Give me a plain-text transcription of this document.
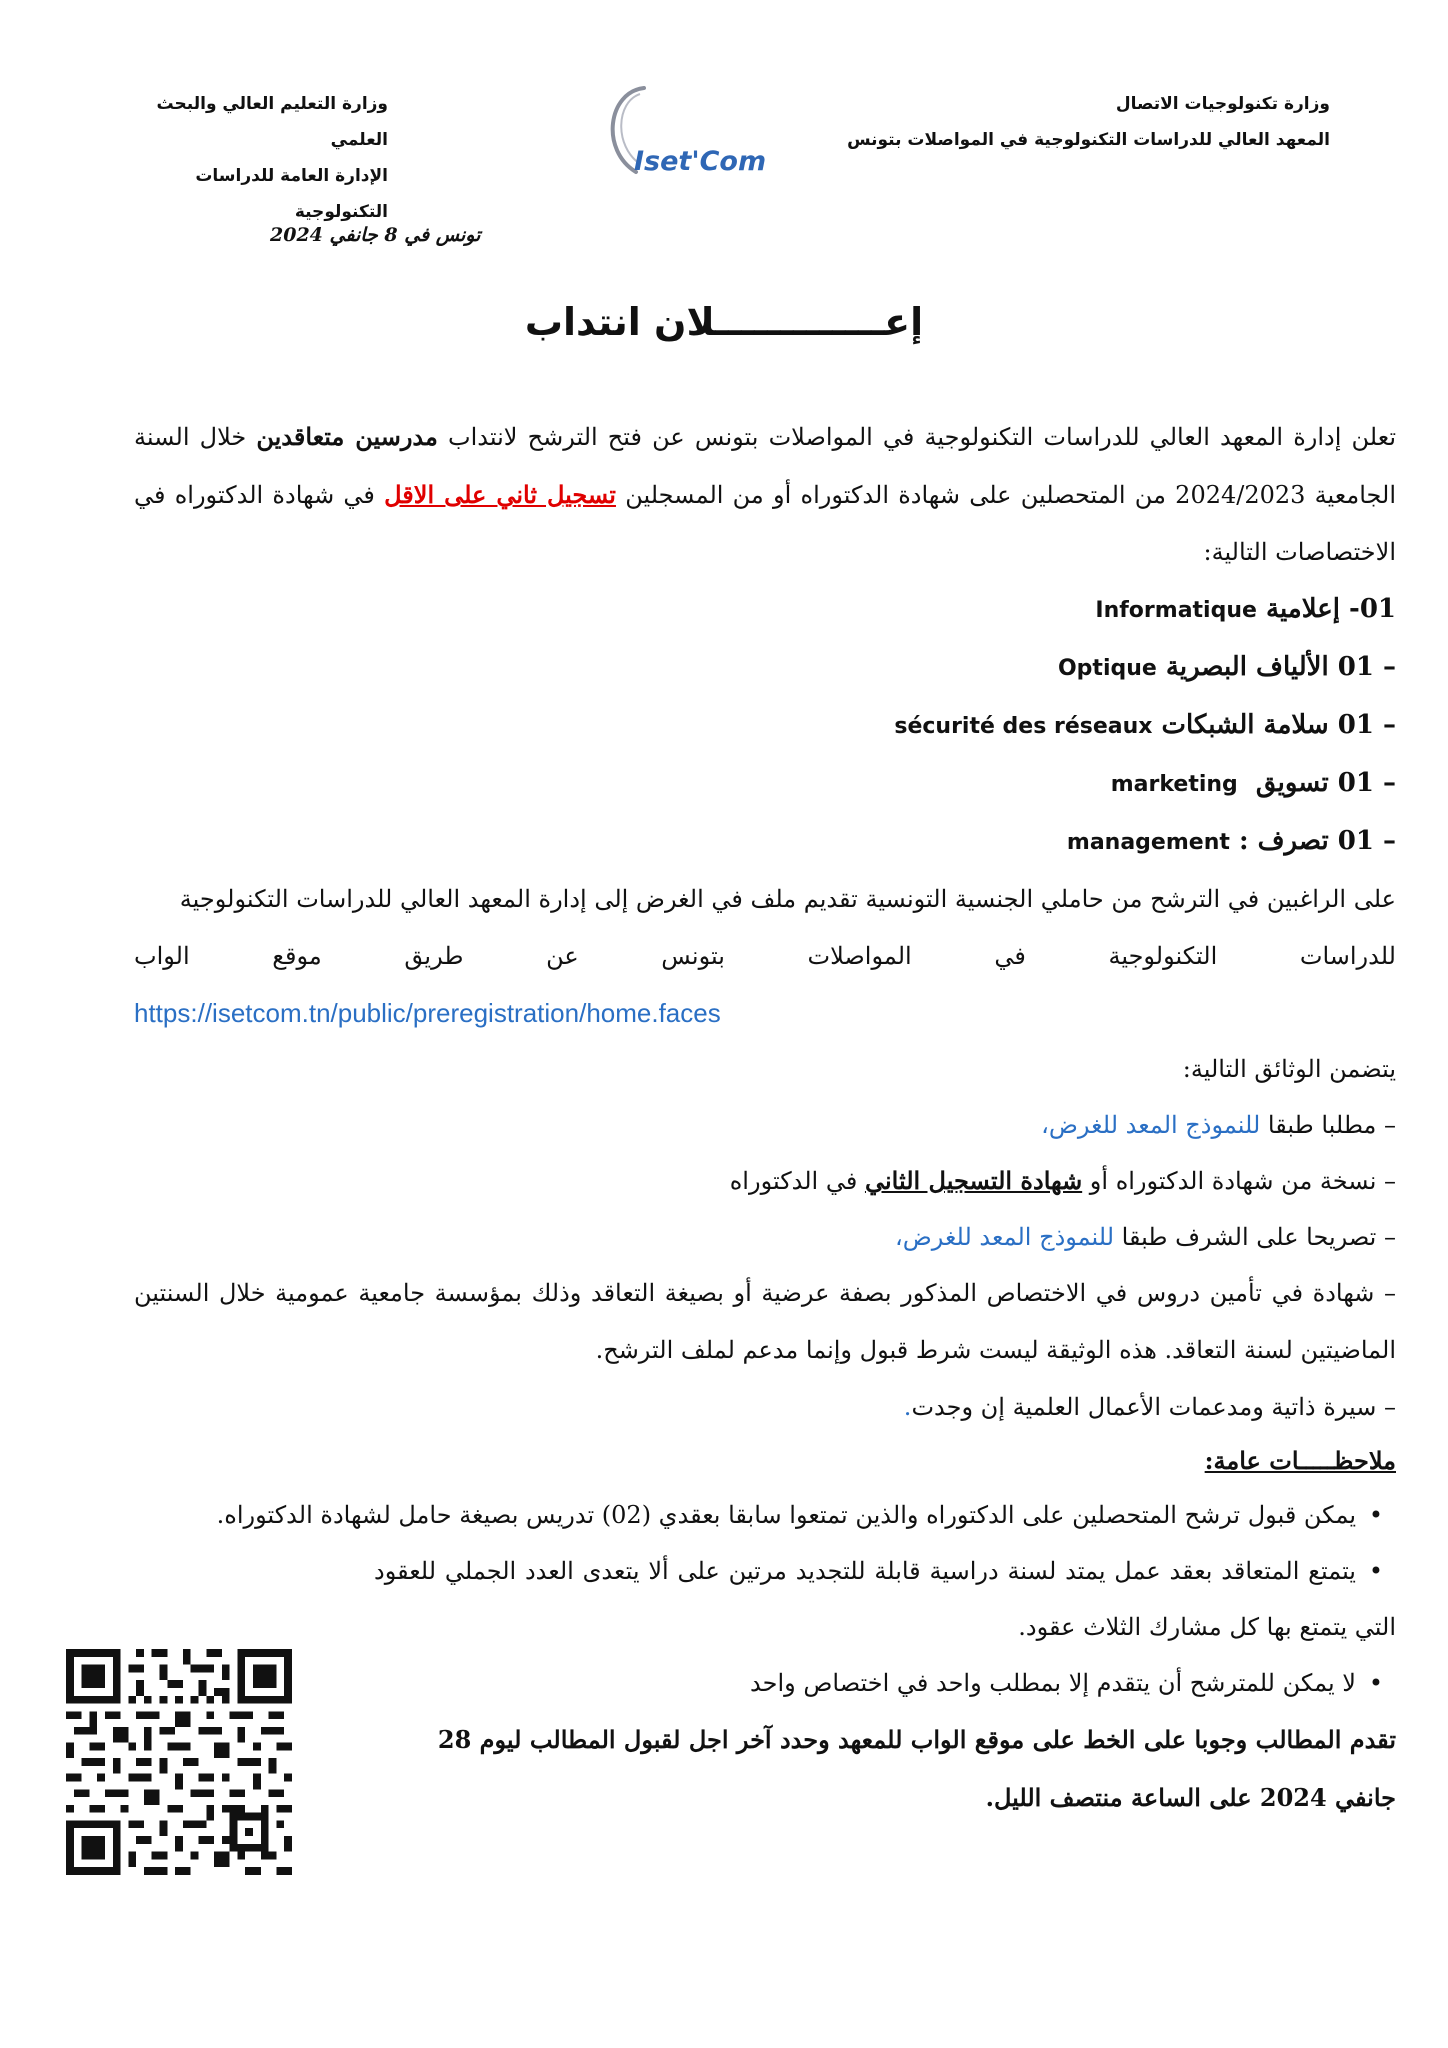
وزارة تكنولوجيات الاتصال
المعهد العالي للدراسات التكنولوجية في المواصلات بتونس
Iset'Com
وزارة التعليم العالي والبحث العلمي
الإدارة العامة للدراسات التكنولوجية
تونس في 8 جانفي 2024
إعـــــــــــــلان انتداب

تعلن إدارة المعهد العالي للدراسات التكنولوجية في المواصلات بتونس عن فتح الترشح لانتداب مدرسين متعاقدين خلال السنة الجامعية 2024/2023 من المتحصلين على شهادة الدكتوراه أو من المسجلين تسجيل ثاني على الاقل في شهادة الدكتوراه في الاختصاصات التالية:

01- إعلامية Informatique

– 01 الألياف البصرية Optique

– 01 سلامة الشبكات sécurité des réseaux

– 01 تسويق  marketing

– 01 تصرف : management

على الراغبين في الترشح من حاملي الجنسية التونسية تقديم ملف في الغرض إلى إدارة المعهد العالي للدراسات التكنولوجية

للدراسات التكنولوجية في المواصلات بتونس عن طريق موقع الواب

https://isetcom.tn/public/preregistration/home.faces

يتضمن الوثائق التالية:

– مطلبا طبقا للنموذج المعد للغرض،

– نسخة من شهادة الدكتوراه أو شهادة التسجيل الثاني في الدكتوراه

– تصريحا على الشرف طبقا للنموذج المعد للغرض،

– شهادة في تأمين دروس في الاختصاص المذكور بصفة عرضية أو بصيغة التعاقد وذلك بمؤسسة جامعية عمومية خلال السنتين الماضيتين لسنة التعاقد. هذه الوثيقة ليست شرط قبول وإنما مدعم لملف الترشح.

– سيرة ذاتية ومدعمات الأعمال العلمية إن وجدت.

ملاحظـــــات عامة:

•يمكن قبول ترشح المتحصلين على الدكتوراه والذين تمتعوا سابقا بعقدي (02) تدريس بصيغة حامل لشهادة الدكتوراه.

•يتمتع المتعاقد بعقد عمل يمتد لسنة دراسية قابلة للتجديد مرتين على ألا يتعدى العدد الجملي للعقود التي يتمتع بها كل مشارك الثلاث عقود.

•لا يمكن للمترشح أن يتقدم إلا بمطلب واحد في اختصاص واحد

تقدم المطالب وجوبا على الخط على موقع الواب للمعهد وحدد آخر اجل لقبول المطالب ليوم 28

جانفي 2024 على الساعة منتصف الليل.
